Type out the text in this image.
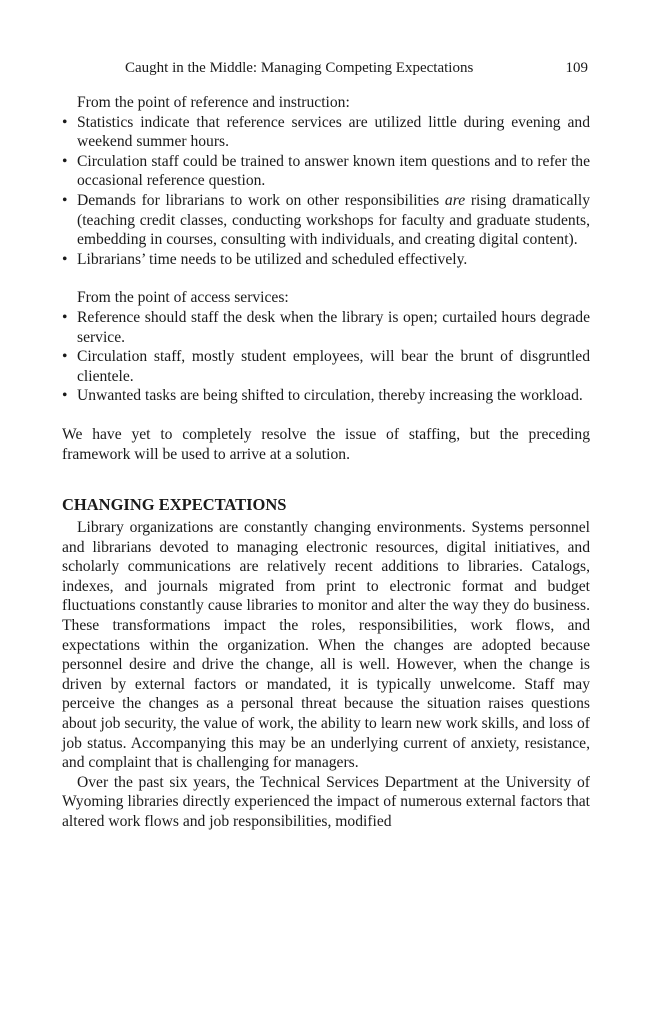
Caught in the Middle: Managing Competing Expectations	109

From the point of reference and instruction:

• Statistics indicate that reference services are utilized little during evening and weekend summer hours.
• Circulation staff could be trained to answer known item questions and to refer the occasional reference question.
• Demands for librarians to work on other responsibilities are rising dramatically (teaching credit classes, conducting workshops for faculty and graduate students, embedding in courses, consulting with individuals, and creating digital content).
• Librarians’ time needs to be utilized and scheduled effectively.

From the point of access services:

• Reference should staff the desk when the library is open; curtailed hours degrade service.
• Circulation staff, mostly student employees, will bear the brunt of disgruntled clientele.
• Unwanted tasks are being shifted to circulation, thereby increasing the workload.

We have yet to completely resolve the issue of staffing, but the preceding framework will be used to arrive at a solution.

CHANGING EXPECTATIONS

Library organizations are constantly changing environments. Systems personnel and librarians devoted to managing electronic resources, digital initiatives, and scholarly communications are relatively recent additions to libraries. Catalogs, indexes, and journals migrated from print to electronic format and budget fluctuations constantly cause libraries to monitor and alter the way they do business. These transformations impact the roles, responsibilities, work flows, and expectations within the organization. When the changes are adopted because personnel desire and drive the change, all is well. However, when the change is driven by external factors or mandated, it is typically unwelcome. Staff may perceive the changes as a personal threat because the situation raises questions about job security, the value of work, the ability to learn new work skills, and loss of job status. Accompanying this may be an underlying current of anxiety, resistance, and complaint that is challenging for managers.

Over the past six years, the Technical Services Department at the University of Wyoming libraries directly experienced the impact of numerous external factors that altered work flows and job responsibilities, modified
